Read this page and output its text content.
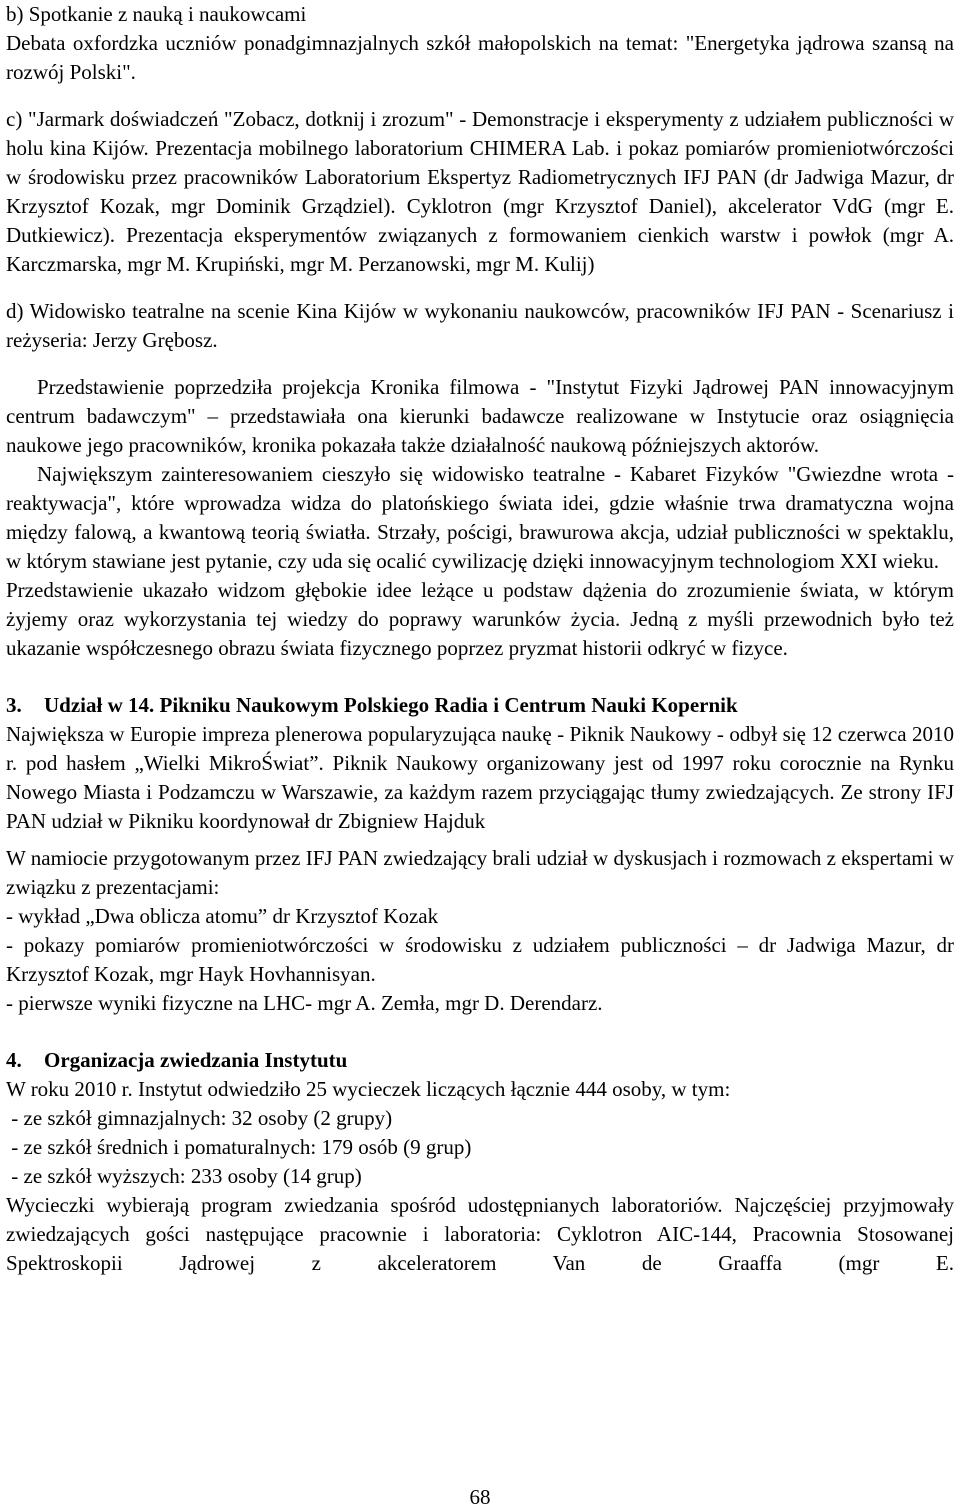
b) Spotkanie z nauką i naukowcami

Debata oxfordzka uczniów ponadgimnazjalnych szkół małopolskich na temat: "Energetyka jądrowa szansą na rozwój Polski".

c) "Jarmark doświadczeń "Zobacz, dotknij i zrozum" - Demonstracje i eksperymenty z udziałem publiczności w holu kina Kijów. Prezentacja mobilnego laboratorium CHIMERA Lab. i pokaz pomiarów promieniotwórczości w środowisku przez pracowników Laboratorium Ekspertyz Radiometrycznych IFJ PAN (dr Jadwiga Mazur, dr Krzysztof Kozak, mgr Dominik Grządziel). Cyklotron (mgr Krzysztof Daniel), akcelerator VdG (mgr E. Dutkiewicz). Prezentacja eksperymentów związanych z formowaniem cienkich warstw i powłok (mgr A. Karczmarska, mgr M. Krupiński, mgr M. Perzanowski, mgr M. Kulij)

d) Widowisko teatralne na scenie Kina Kijów w wykonaniu naukowców, pracowników IFJ PAN - Scenariusz i reżyseria: Jerzy Grębosz.

Przedstawienie poprzedziła projekcja Kronika filmowa - "Instytut Fizyki Jądrowej PAN innowacyjnym centrum badawczym" – przedstawiała ona kierunki badawcze realizowane w Instytucie oraz osiągnięcia naukowe jego pracowników, kronika pokazała także działalność naukową późniejszych aktorów.

Największym zainteresowaniem cieszyło się widowisko teatralne - Kabaret Fizyków "Gwiezdne wrota - reaktywacja", które wprowadza widza do platońskiego świata idei, gdzie właśnie trwa dramatyczna wojna między falową, a kwantową teorią światła. Strzały, pościgi, brawurowa akcja, udział publiczności w spektaklu, w którym stawiane jest pytanie, czy uda się ocalić cywilizację dzięki innowacyjnym technologiom XXI wieku.

Przedstawienie ukazało widzom głębokie idee leżące u podstaw dążenia do zrozumienie świata, w którym żyjemy oraz wykorzystania tej wiedzy do poprawy warunków życia. Jedną z myśli przewodnich było też ukazanie współczesnego obrazu świata fizycznego poprzez pryzmat historii odkryć w fizyce.

3. Udział w 14. Pikniku Naukowym Polskiego Radia i Centrum Nauki Kopernik

Największa w Europie impreza plenerowa popularyzująca naukę - Piknik Naukowy - odbył się 12 czerwca 2010 r. pod hasłem „Wielki MikroŚwiat”. Piknik Naukowy organizowany jest od 1997 roku corocznie na Rynku Nowego Miasta i Podzamczu w Warszawie, za każdym razem przyciągając tłumy zwiedzających. Ze strony IFJ PAN udział w Pikniku koordynował dr Zbigniew Hajduk

W namiocie przygotowanym przez IFJ PAN zwiedzający brali udział w dyskusjach i rozmowach z ekspertami w związku z prezentacjami:

- wykład „Dwa oblicza atomu” dr Krzysztof Kozak

- pokazy pomiarów promieniotwórczości w środowisku z udziałem publiczności – dr Jadwiga Mazur, dr Krzysztof Kozak, mgr Hayk Hovhannisyan.

- pierwsze wyniki fizyczne na LHC- mgr A. Zemła, mgr D. Derendarz.

4. Organizacja zwiedzania Instytutu

W roku 2010 r. Instytut odwiedziło 25 wycieczek liczących łącznie 444 osoby, w tym:

- ze szkół gimnazjalnych: 32 osoby (2 grupy)

- ze szkół średnich i pomaturalnych: 179 osób (9 grup)

- ze szkół wyższych: 233 osoby (14 grup)

Wycieczki wybierają program zwiedzania spośród udostępnianych laboratoriów. Najczęściej przyjmowały zwiedzających gości następujące pracownie i laboratoria: Cyklotron AIC-144, Pracownia Stosowanej Spektroskopii Jądrowej z akceleratorem Van de Graaffa (mgr E.

68
